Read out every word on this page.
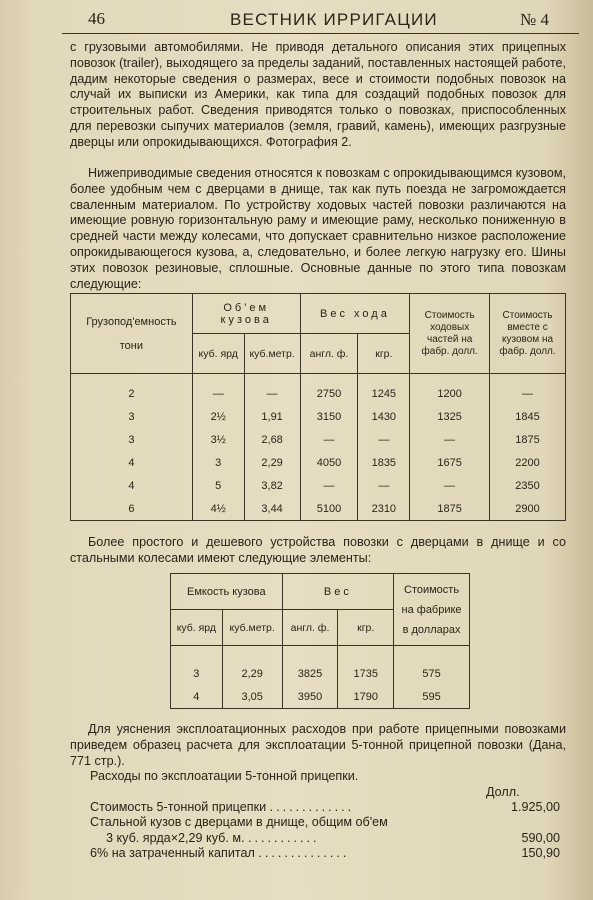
46	ВЕСТНИК ИРРИГАЦИИ	№ 4
с грузовыми автомобилями. Не приводя детального описания этих прицепных повозок (trailer), выходящего за пределы заданий, поставленных настоящей работе, дадим некоторые сведения о размерах, весе и стоимости подобных повозок на случай их выписки из Америки, как типа для создаций подобных повозок для строительных работ. Сведения приводятся только о повозках, приспособленных для перевозки сыпучих материалов (земля, гравий, камень), имеющих разгрузные дверцы или опрокидывающихся. Фотография 2.
Нижеприводимые сведения относятся к повозкам с опрокидывающимся кузовом, более удобным чем с дверцами в днище, так как путь поезда не загромождается сваленным материалом. По устройству ходовых частей повозки различаются на имеющие ровную горизонтальную раму и имеющие раму, несколько пониженную в средней части между колесами, что допускает сравнительно низкое расположение опрокидывающегося кузова, а, следовательно, и более легкую нагрузку его. Шины этих повозок резиновые, сплошные. Основные данные по этого типа повозкам следующие:
Грузопод'емность

тони	Об'ем кузова		Вес хода		Стоимость ходовых частей на фабр. долл.	Стоимость вместе с кузовом на фабр. долл.
	куб. ярд	куб.метр.	англ. ф.	кгр.		

2	—	—	2750	1245	1200	—
3	2½	1,91	3150	1430	1325	1845
3	3½	2,68	—	—	—	1875
4	3	2,29	4050	1835	1675	2200
4	5	3,82	—	—	—	2350
6	4½	3,44	5100	2310	1875	2900
Более простого и дешевого устройства повозки с дверцами в днище и со стальными колесами имеют следующие элементы:
Емкость кузова		Вес		Стоимость на фабрике в долларах
куб. ярд	куб.метр.	англ. ф.	кгр.	

3	2,29	3825	1735	575
4	3,05	3950	1790	595
Для уяснения эксплоатационных расходов при работе прицепными повозками приведем образец расчета для эксплоатации 5-тонной прицепной повозки (Дана, 771 стр.).
Расходы по эксплоатации 5-тонной прицепки.
Долл.
Стоимость 5-тонной прицепки .............	1.925,00
Стальной кузов с дверцами в днище, общим об'ем
3 куб. ярда×2,29 куб. м. ...........	590,00
6% на затраченный капитал ..............	150,90
